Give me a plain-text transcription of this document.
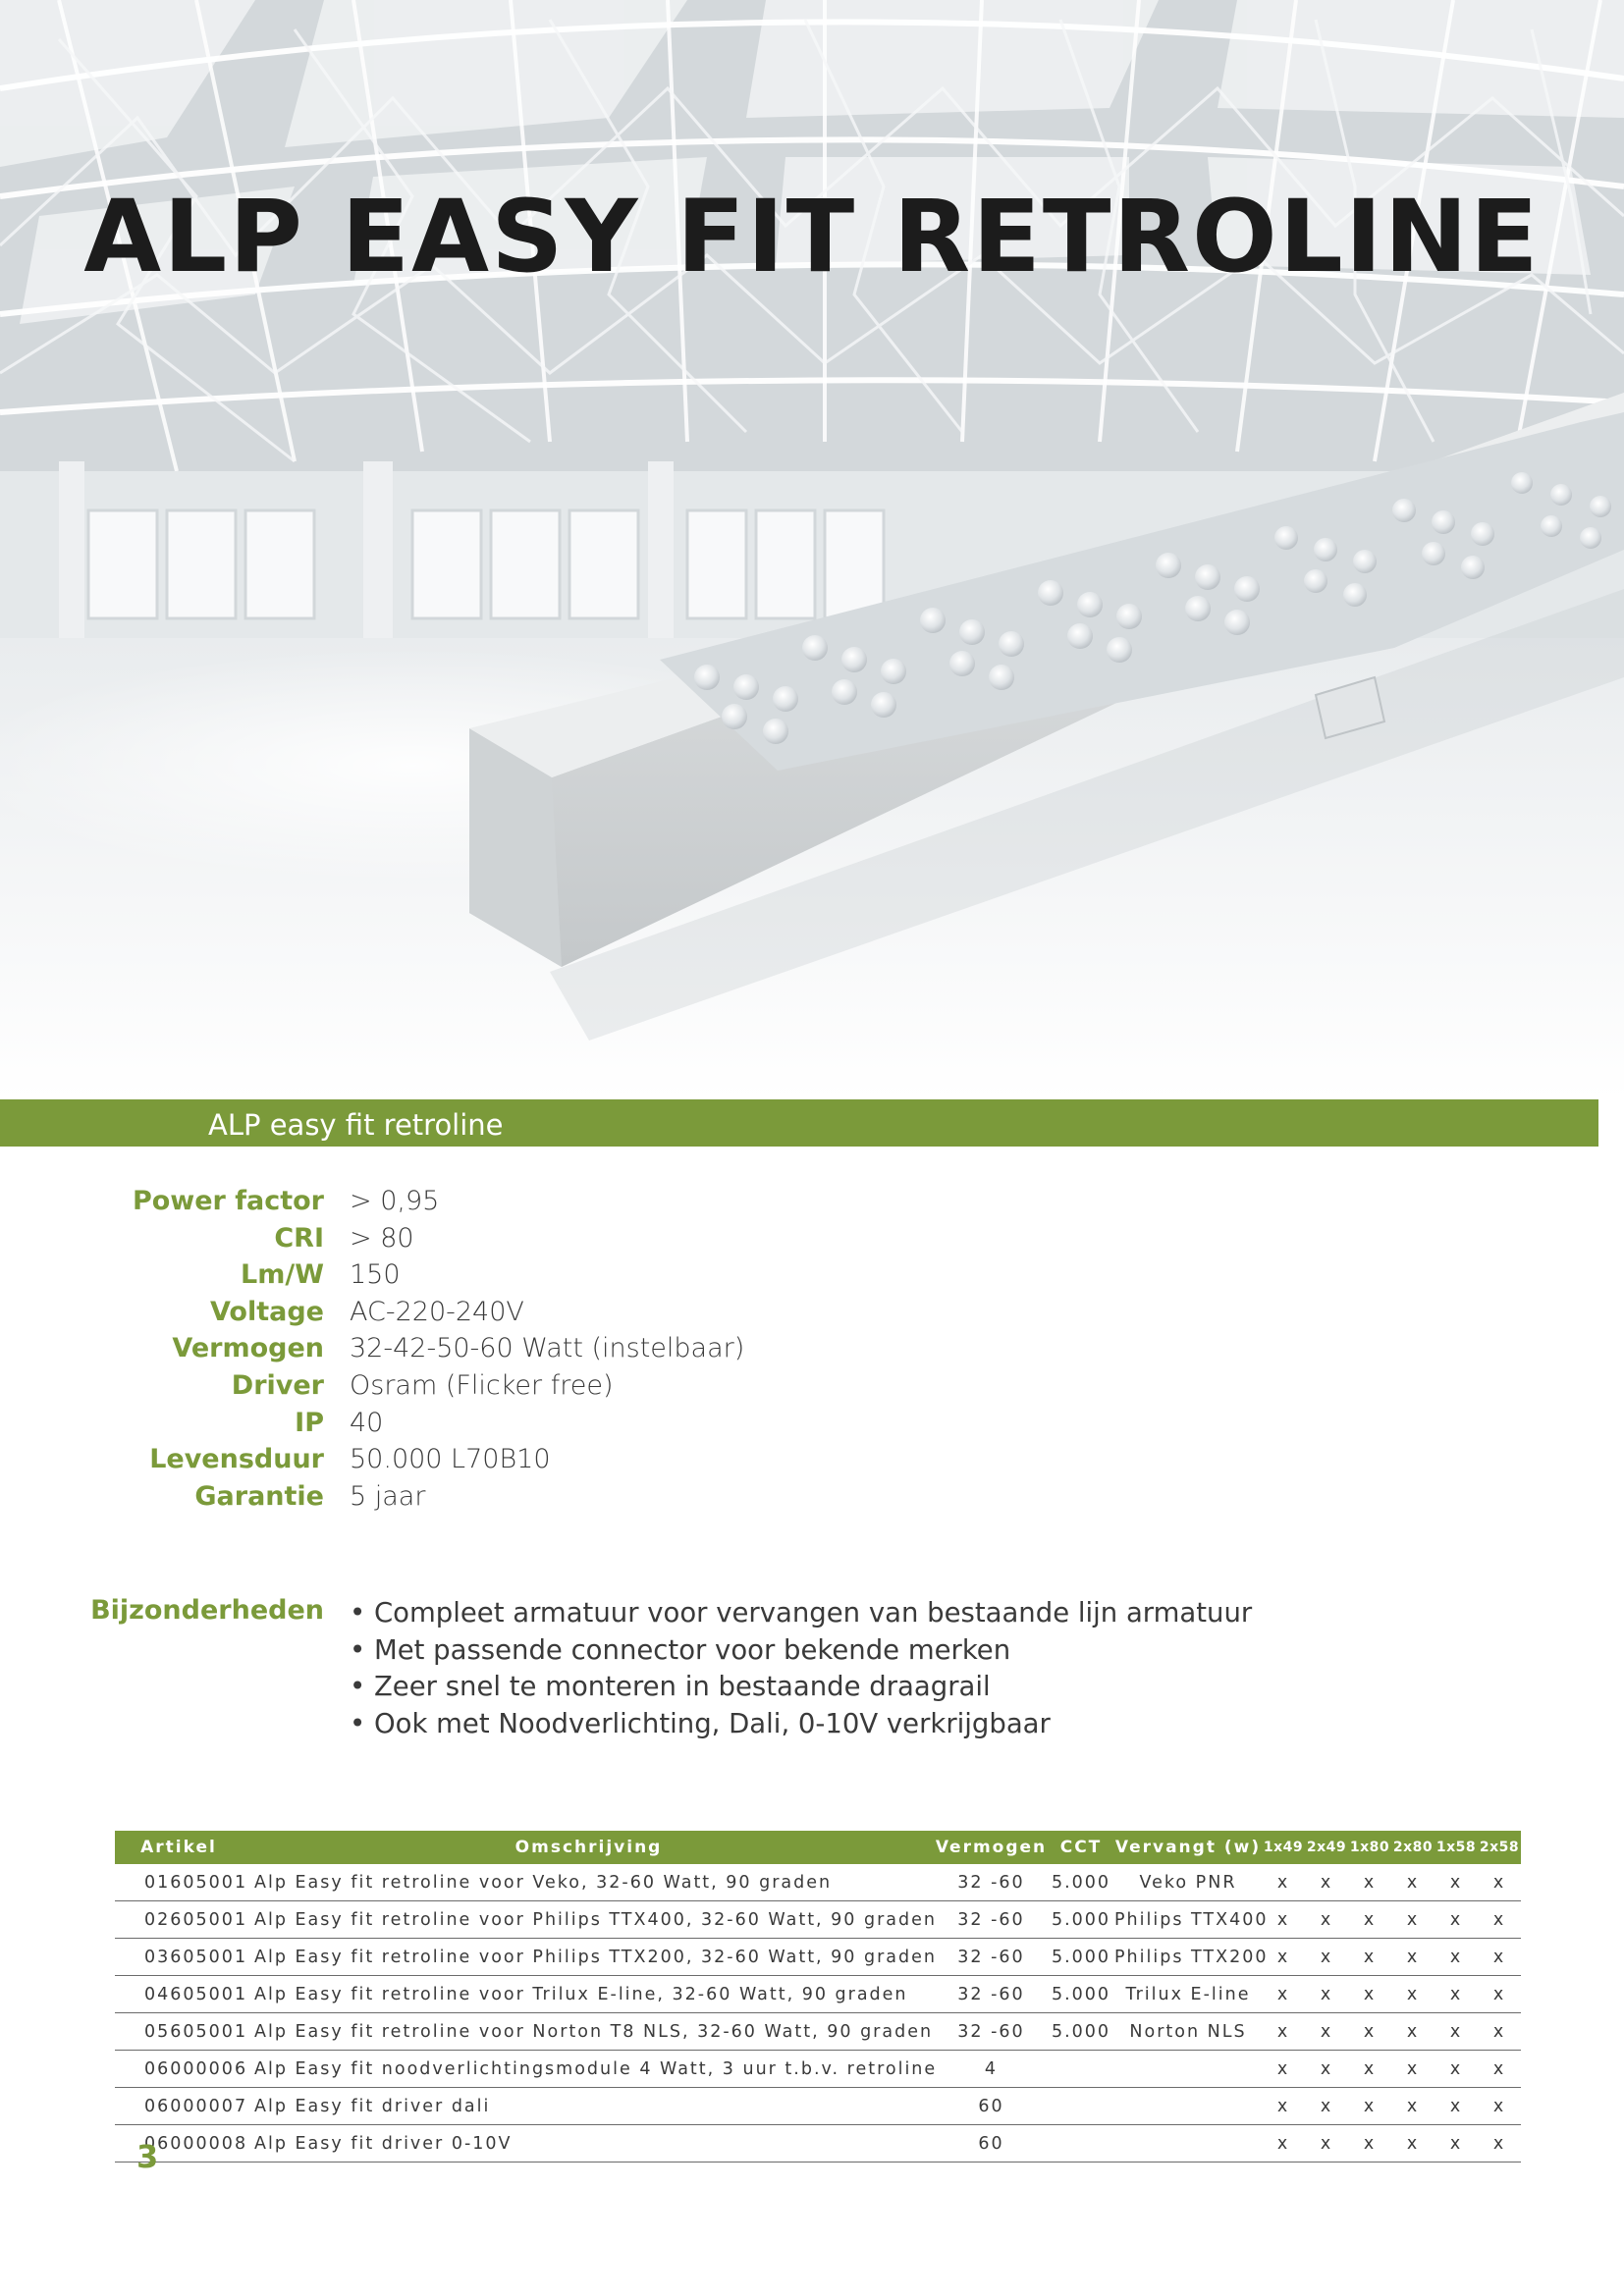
ALP EASY FIT RETROLINE
ALP easy fit retroline
Power factor > 0,95
CRI > 80
Lm/W 150
Voltage AC-220-240V
Vermogen 32-42-50-60 Watt (instelbaar)
Driver Osram (Flicker free)
IP 40
Levensduur 50.000 L70B10
Garantie 5 jaar
Bijzonderheden	• Compleet armatuur voor vervangen van bestaande lijn armatuur
• Met passende connector voor bekende merken
• Zeer snel te monteren in bestaande draagrail
• Ook met Noodverlichting, Dali, 0-10V verkrijgbaar
Artikel	Omschrijving	Vermogen	CCT	Vervangt (w)	1x49	2x49	1x80	2x80	1x58	2x58
01605001	Alp Easy fit retroline voor Veko, 32-60 Watt, 90 graden	32 -60	5.000	Veko PNR	x	x	x	x	x	x
02605001	Alp Easy fit retroline voor Philips TTX400, 32-60 Watt, 90 graden	32 -60	5.000	Philips TTX400	x	x	x	x	x	x
03605001	Alp Easy fit retroline voor Philips TTX200, 32-60 Watt, 90 graden	32 -60	5.000	Philips TTX200	x	x	x	x	x	x
04605001	Alp Easy fit retroline voor Trilux E-line, 32-60 Watt, 90 graden	32 -60	5.000	Trilux E-line	x	x	x	x	x	x
05605001	Alp Easy fit retroline voor Norton T8 NLS, 32-60 Watt, 90 graden	32 -60	5.000	Norton NLS	x	x	x	x	x	x
06000006	Alp Easy fit noodverlichtingsmodule 4 Watt, 3 uur t.b.v. retroline	4			x	x	x	x	x	x
06000007	Alp Easy fit driver dali	60			x	x	x	x	x	x
06000008	Alp Easy fit driver 0-10V	60			x	x	x	x	x	x
3
